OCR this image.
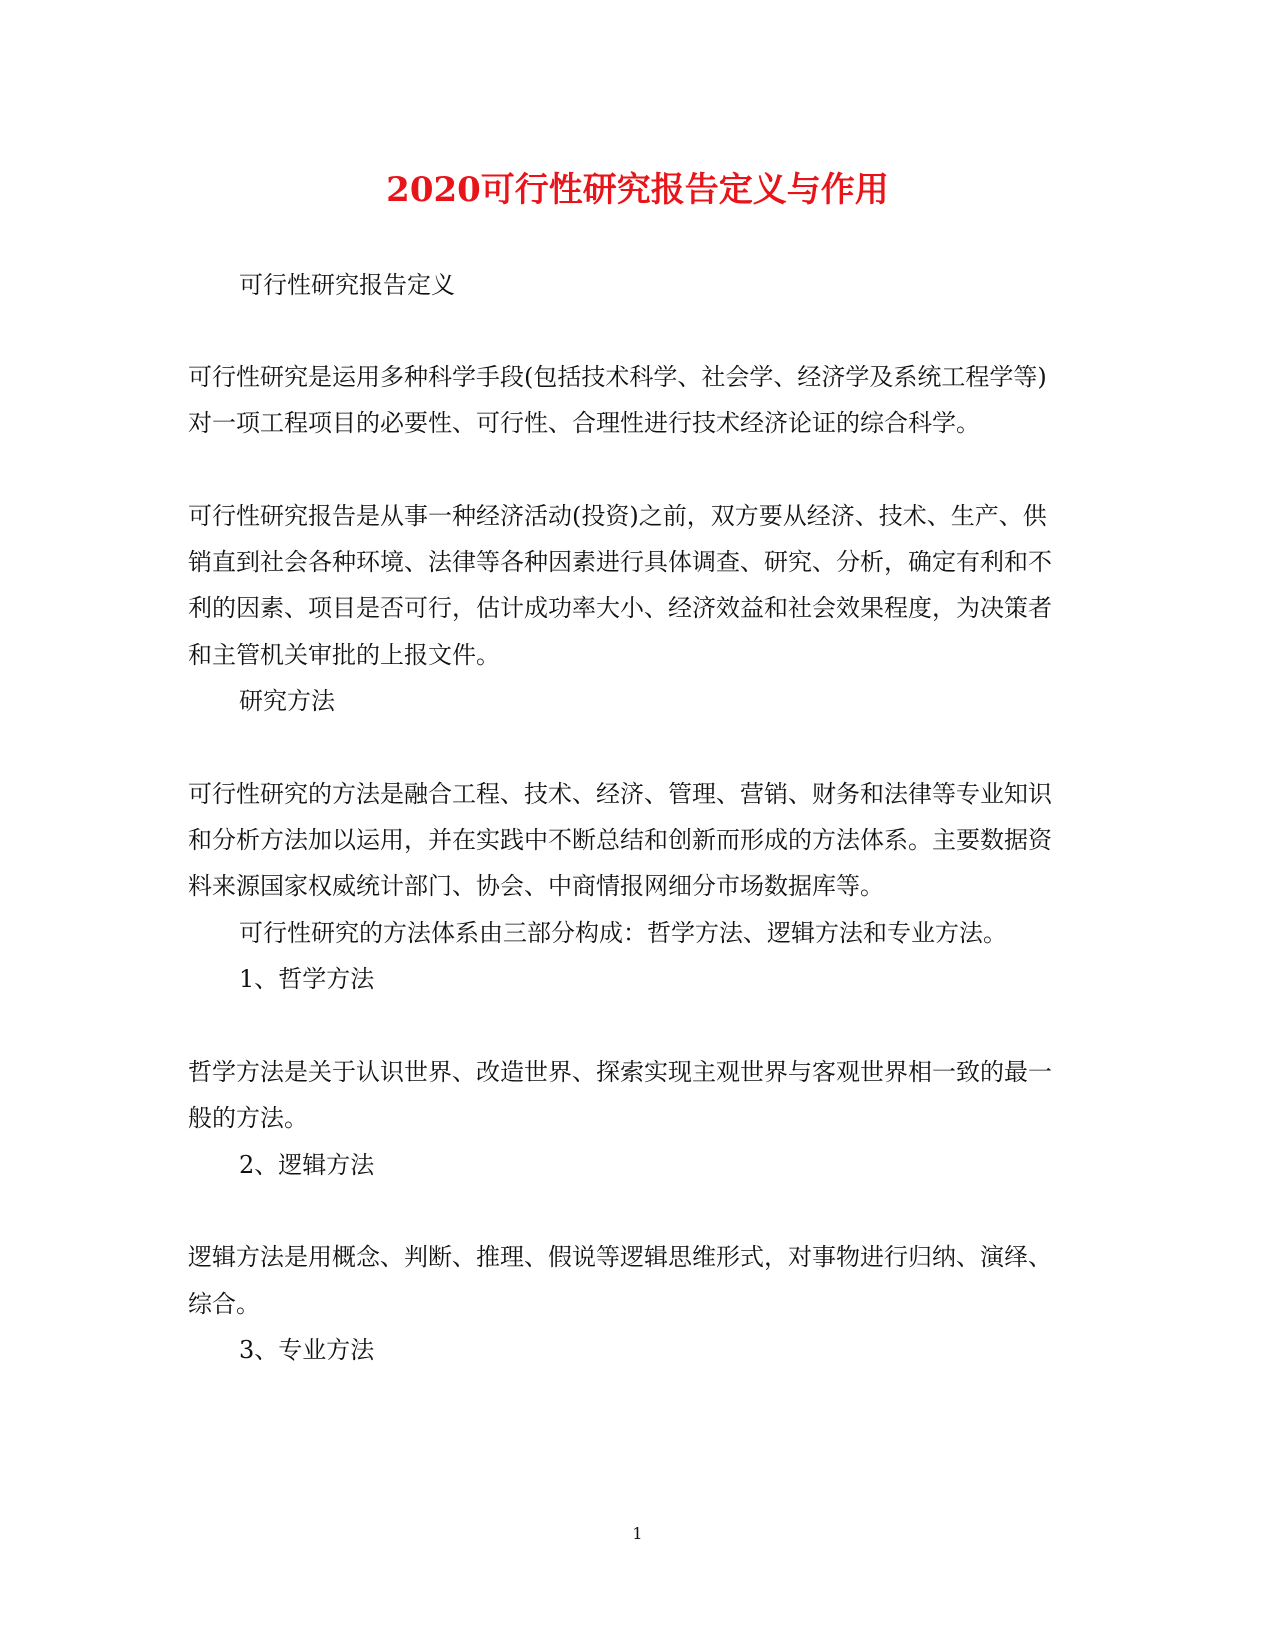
2020可行性研究报告定义与作用
可行性研究报告定义
可行性研究是运用多种科学手段(包括技术科学、社会学、经济学及系统工程学等)
对一项工程项目的必要性、可行性、合理性进行技术经济论证的综合科学。
可行性研究报告是从事一种经济活动(投资)之前，双方要从经济、技术、生产、供
销直到社会各种环境、法律等各种因素进行具体调查、研究、分析，确定有利和不
利的因素、项目是否可行，估计成功率大小、经济效益和社会效果程度，为决策者
和主管机关审批的上报文件。
研究方法
可行性研究的方法是融合工程、技术、经济、管理、营销、财务和法律等专业知识
和分析方法加以运用，并在实践中不断总结和创新而形成的方法体系。主要数据资
料来源国家权威统计部门、协会、中商情报网细分市场数据库等。
可行性研究的方法体系由三部分构成：哲学方法、逻辑方法和专业方法。
1、哲学方法
哲学方法是关于认识世界、改造世界、探索实现主观世界与客观世界相一致的最一
般的方法。
2、逻辑方法
逻辑方法是用概念、判断、推理、假说等逻辑思维形式，对事物进行归纳、演绎、
综合。
3、专业方法
1
